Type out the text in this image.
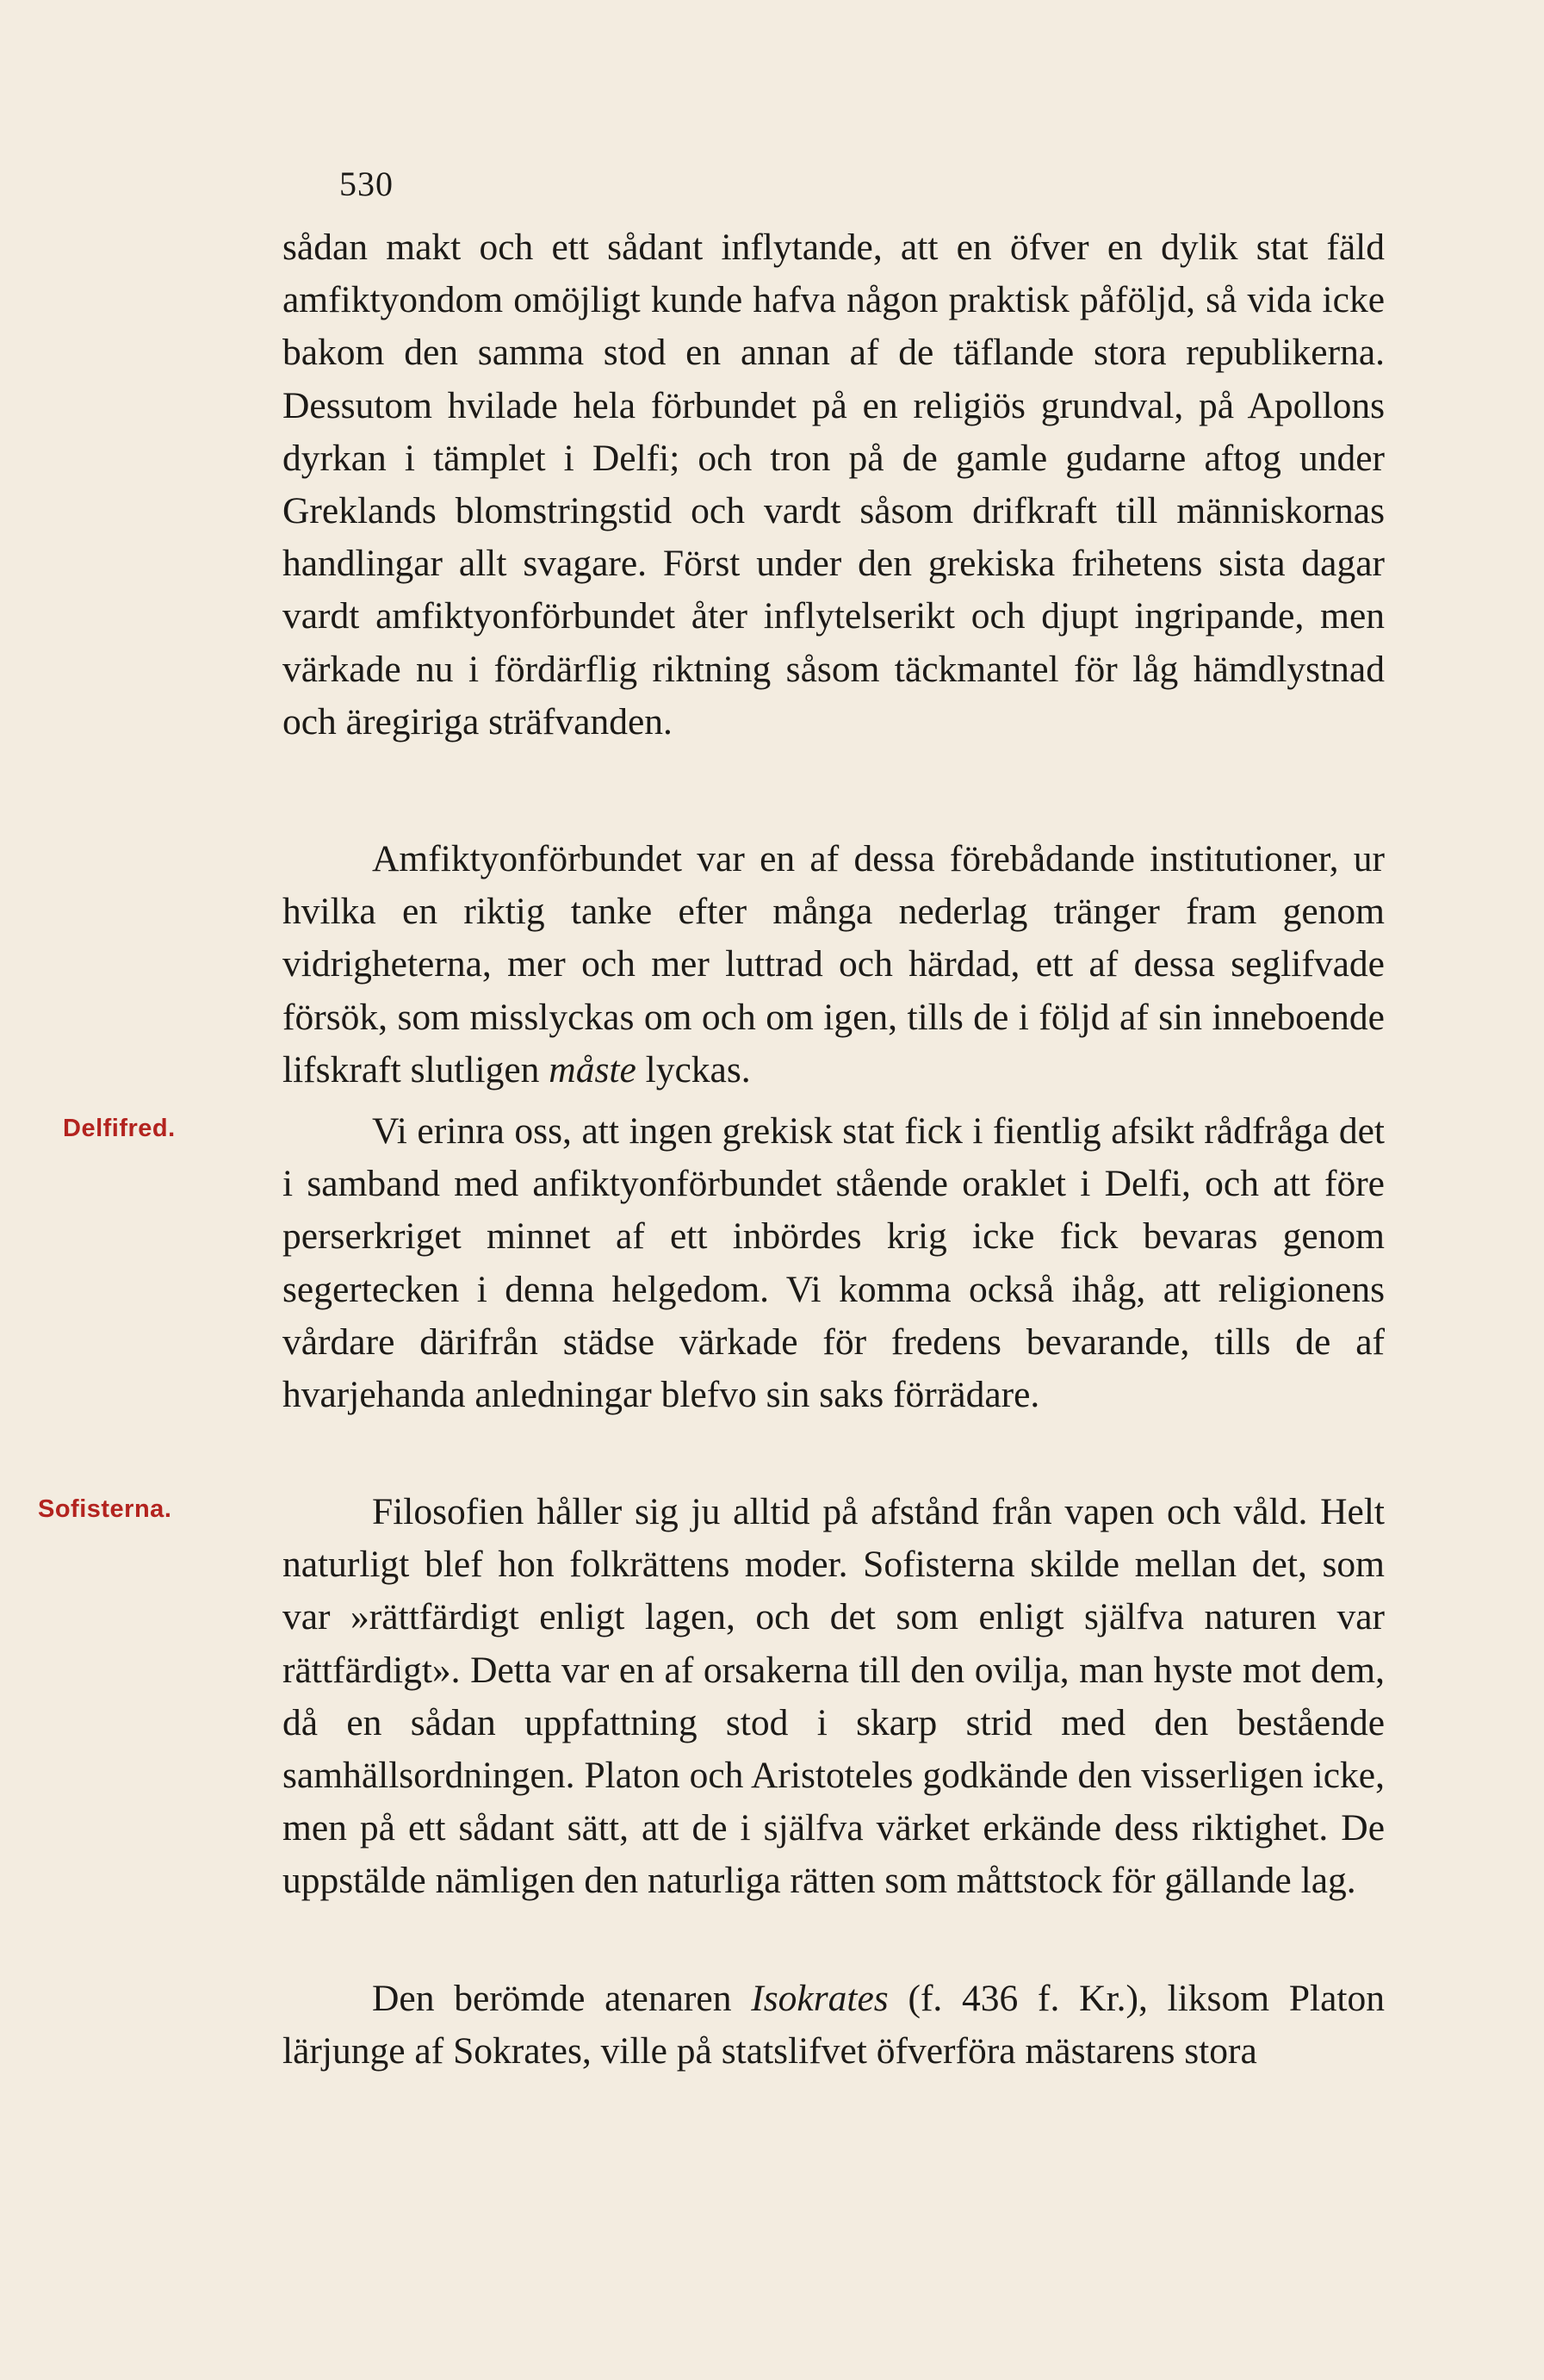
530
sådan makt och ett sådant inflytande, att en öfver en dylik stat fäld amfiktyondom omöjligt kunde hafva någon praktisk påföljd, så vida icke bakom den samma stod en annan af de täflande stora republikerna. Dessutom hvilade hela förbundet på en religiös grundval, på Apollons dyrkan i tämplet i Delfi; och tron på de gamle gudarne aftog under Greklands blomstringstid och vardt såsom drifkraft till människornas handlingar allt svagare. Först under den grekiska frihetens sista dagar vardt amfiktyonförbundet åter inflytelserikt och djupt ingripande, men värkade nu i fördärflig riktning såsom täckmantel för låg hämdlystnad och äregiriga sträfvanden.
Amfiktyonförbundet var en af dessa förebådande institutioner, ur hvilka en riktig tanke efter många nederlag tränger fram genom vidrigheterna, mer och mer luttrad och härdad, ett af dessa seglifvade försök, som misslyckas om och om igen, tills de i följd af sin inneboende lifskraft slutligen måste lyckas.
Delfifred.	Vi erinra oss, att ingen grekisk stat fick i fientlig afsikt rådfråga det i samband med anfiktyonförbundet stående oraklet i Delfi, och att före perserkriget minnet af ett inbördes krig icke fick bevaras genom segertecken i denna helgedom. Vi komma också ihåg, att religionens vårdare därifrån städse värkade för fredens bevarande, tills de af hvarjehanda anledningar blefvo sin saks förrädare.
Sofisterna.	Filosofien håller sig ju alltid på afstånd från vapen och våld. Helt naturligt blef hon folkrättens moder. Sofisterna skilde mellan det, som var »rättfärdigt enligt lagen, och det som enligt själfva naturen var rättfärdigt». Detta var en af orsakerna till den ovilja, man hyste mot dem, då en sådan uppfattning stod i skarp strid med den bestående samhällsordningen. Platon och Aristoteles godkände den visserligen icke, men på ett sådant sätt, att de i själfva värket erkände dess riktighet. De uppstälde nämligen den naturliga rätten som måttstock för gällande lag.
Den berömde atenaren Isokrates (f. 436 f. Kr.), liksom Platon lärjunge af Sokrates, ville på statslifvet öfverföra mästarens stora
